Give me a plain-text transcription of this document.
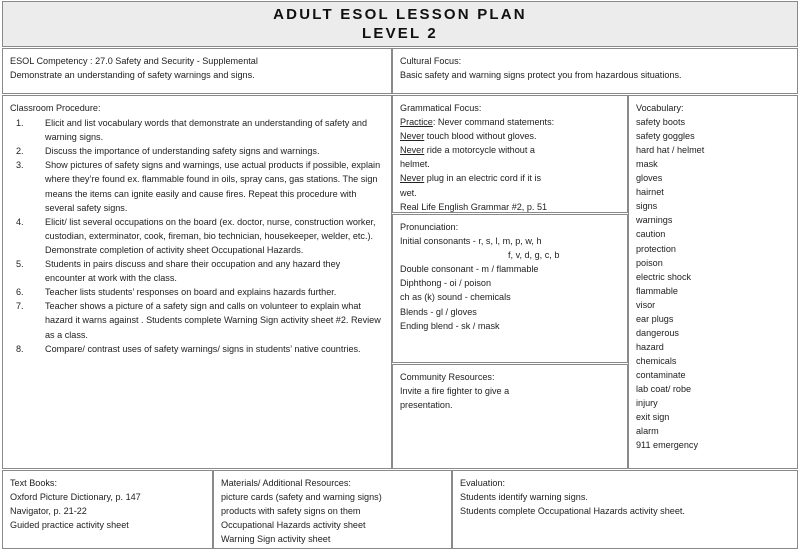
ADULT ESOL LESSON PLAN
LEVEL 2
ESOL Competency : 27.0 Safety and Security - Supplemental
Demonstrate an understanding of safety warnings and signs.
Cultural Focus:
Basic safety and warning signs protect you from hazardous situations.
Classroom Procedure:
1.	Elicit and list vocabulary words that demonstrate an understanding of safety and warning signs.
2.	Discuss the importance of understanding safety signs and warnings.
3.	Show pictures of safety signs and warnings, use actual products if possible, explain where they’re found ex. flammable found in oils, spray cans, gas stations. The sign means the items can ignite easily and cause fires. Repeat this procedure with several safety signs.
4.	Elicit/ list several occupations on the board (ex. doctor, nurse, construction worker, custodian, exterminator, cook, fireman, bio technician, housekeeper, welder, etc.). Demonstrate completion of activity sheet Occupational Hazards.
5.	Students in pairs discuss and share their occupation and any hazard they encounter at work with the class.
6.	Teacher lists students’ responses on board and explains hazards further.
7.	Teacher shows a picture of a safety sign and calls on volunteer to explain what hazard it warns against . Students complete Warning Sign activity sheet #2. Review as a class.
8.	Compare/ contrast uses of safety warnings/ signs in students’ native countries.
Grammatical Focus:
Practice: Never command statements:
Never touch blood without gloves.
Never ride a motorcycle without a
helmet.
Never plug in an electric cord if it is
wet.
Real Life English Grammar #2, p. 51
Pronunciation:
Initial consonants - r, s, l, m, p, w, h
f, v, d, g, c, b
Double consonant - m / flammable
Diphthong - oi / poison
ch as (k) sound - chemicals
Blends - gl / gloves
Ending blend - sk / mask
Community Resources:
Invite a fire fighter to give a
presentation.
Vocabulary:
safety boots
safety goggles
hard hat / helmet
mask
gloves
hairnet
signs
warnings
caution
protection
poison
electric shock
flammable
visor
ear plugs
dangerous
hazard
chemicals
contaminate
lab coat/ robe
injury
exit sign
alarm
911 emergency
Text Books:
Oxford Picture Dictionary, p. 147
Navigator, p. 21-22
Guided practice activity sheet
Materials/ Additional Resources:
picture cards (safety and warning signs)
products with safety signs on them
Occupational Hazards activity sheet
Warning Sign activity sheet
Evaluation:
Students identify warning signs.
Students complete Occupational Hazards activity sheet.
